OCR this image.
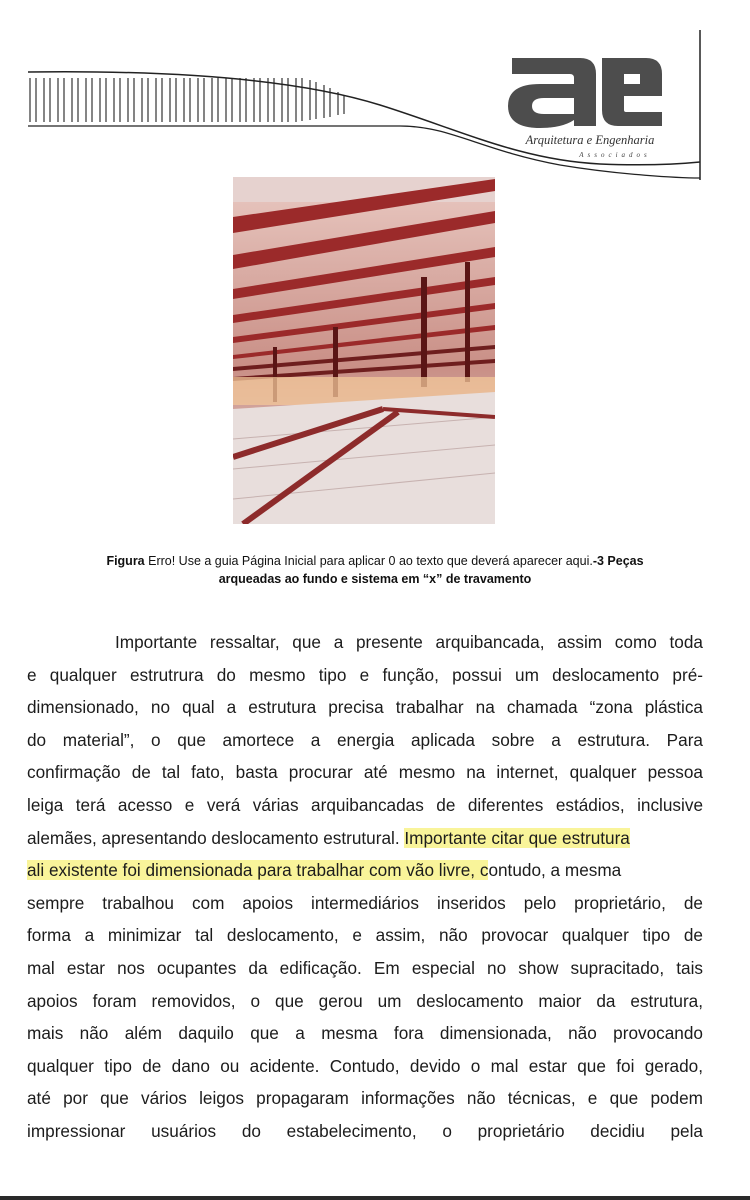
Arquitetura e Engenharia
Associados
Figura Erro! Use a guia Página Inicial para aplicar 0 ao texto que deverá aparecer aqui.-3 Peças
arqueadas ao fundo e sistema em “x” de travamento
Importante ressaltar, que a presente arquibancada, assim como toda
e qualquer estrutrura do mesmo tipo e função, possui um deslocamento pré-
dimensionado, no qual a estrutura precisa trabalhar na chamada “zona plástica
do material”, o que amortece a energia aplicada sobre a estrutura. Para
confirmação de tal fato, basta procurar até mesmo na internet, qualquer pessoa
leiga terá acesso e verá várias arquibancadas de diferentes estádios, inclusive
alemães, apresentando deslocamento estrutural. Importante citar que estrutura
ali existente foi dimensionada para trabalhar com vão livre, contudo, a mesma
sempre trabalhou com apoios intermediários inseridos pelo proprietário, de
forma a minimizar tal deslocamento, e assim, não provocar qualquer tipo de
mal estar nos ocupantes da edificação. Em especial no show supracitado, tais
apoios foram removidos, o que gerou um deslocamento maior da estrutura,
mais não além daquilo que a mesma fora dimensionada, não provocando
qualquer tipo de dano ou acidente. Contudo, devido o mal estar que foi gerado,
até por que vários leigos propagaram informações não técnicas, e que podem
impressionar usuários do estabelecimento, o proprietário decidiu pela
